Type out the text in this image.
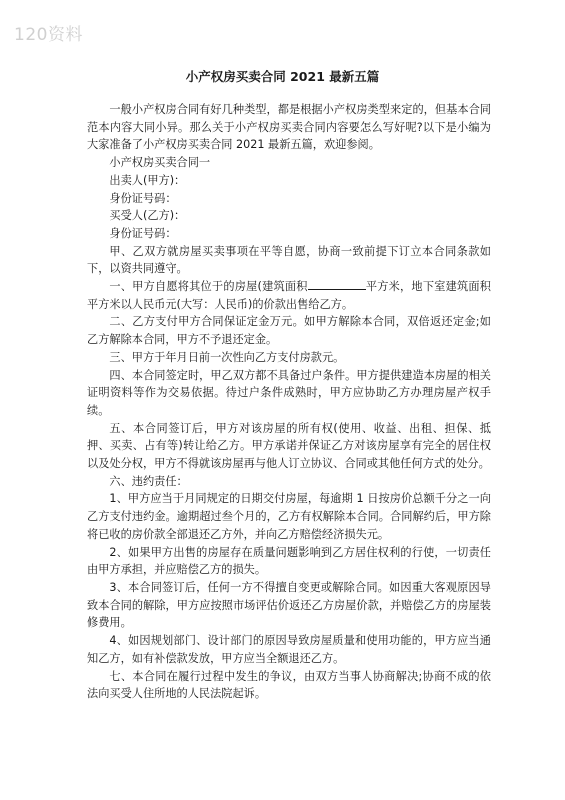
120资料
小产权房买卖合同 2021 最新五篇

一般小产权房合同有好几种类型，都是根据小产权房类型来定的，但基本合同范本内容大同小异。那么关于小产权房买卖合同内容要怎么写好呢?以下是小编为大家准备了小产权房买卖合同 2021 最新五篇，欢迎参阅。

小产权房买卖合同一

出卖人(甲方)：

身份证号码：

买受人(乙方)：

身份证号码：

甲、乙双方就房屋买卖事项在平等自愿，协商一致前提下订立本合同条款如下，以资共同遵守。

一、甲方自愿将其位于的房屋(建筑面积	平方米，地下室建筑面积平方米以人民币元(大写：人民币)的价款出售给乙方。

二、乙方支付甲方合同保证定金万元。如甲方解除本合同，双倍返还定金;如乙方解除本合同，甲方不予退还定金。

三、甲方于年月日前一次性向乙方支付房款元。

四、本合同签定时，甲乙双方都不具备过户条件。甲方提供建造本房屋的相关证明资料等作为交易依据。待过户条件成熟时，甲方应协助乙方办理房屋产权手续。

五、本合同签订后，甲方对该房屋的所有权(使用、收益、出租、担保、抵押、买卖、占有等)转让给乙方。甲方承诺并保证乙方对该房屋享有完全的居住权以及处分权，甲方不得就该房屋再与他人订立协议、合同或其他任何方式的处分。

六、违约责任：

1、甲方应当于月同规定的日期交付房屋，每逾期 1 日按房价总额千分之一向乙方支付违约金。逾期超过叁个月的，乙方有权解除本合同。合同解约后，甲方除将已收的房价款全部退还乙方外，并向乙方赔偿经济损失元。

2、如果甲方出售的房屋存在质量问题影响到乙方居住权利的行使，一切责任由甲方承担，并应赔偿乙方的损失。

3、本合同签订后，任何一方不得擅自变更或解除合同。如因重大客观原因导致本合同的解除，甲方应按照市场评估价返还乙方房屋价款，并赔偿乙方的房屋装修费用。

4、如因规划部门、设计部门的原因导致房屋质量和使用功能的，甲方应当通知乙方，如有补偿款发放，甲方应当全额退还乙方。

七、本合同在履行过程中发生的争议，由双方当事人协商解决;协商不成的依法向买受人住所地的人民法院起诉。
